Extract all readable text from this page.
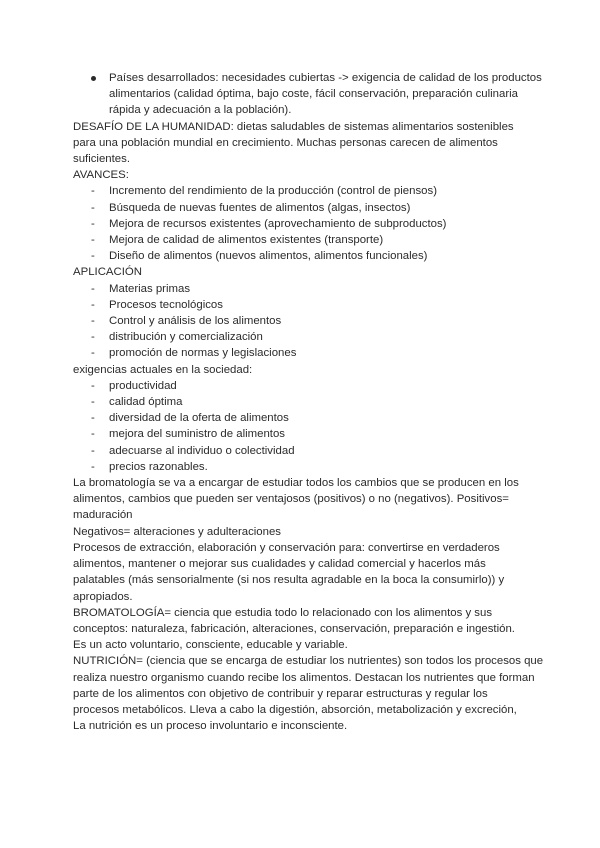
Países desarrollados: necesidades cubiertas -> exigencia de calidad de los productos
alimentarios (calidad óptima, bajo coste, fácil conservación, preparación culinaria
rápida y adecuación a la población).
DESAFÍO DE LA HUMANIDAD: dietas saludables de sistemas alimentarios sostenibles
para una población mundial en crecimiento. Muchas personas carecen de alimentos
suficientes.
AVANCES:
- Incremento del rendimiento de la producción (control de piensos)
- Búsqueda de nuevas fuentes de alimentos (algas, insectos)
- Mejora de recursos existentes (aprovechamiento de subproductos)
- Mejora de calidad de alimentos existentes (transporte)
- Diseño de alimentos (nuevos alimentos, alimentos funcionales)
APLICACIÓN
- Materias primas
- Procesos tecnológicos
- Control y análisis de los alimentos
- distribución y comercialización
- promoción de normas y legislaciones
exigencias actuales en la sociedad:
- productividad
- calidad óptima
- diversidad de la oferta de alimentos
- mejora del suministro de alimentos
- adecuarse al individuo o colectividad
- precios razonables.
La bromatología se va a encargar de estudiar todos los cambios que se producen en los
alimentos, cambios que pueden ser ventajosos (positivos) o no (negativos). Positivos=
maduración
Negativos= alteraciones y adulteraciones
Procesos de extracción, elaboración y conservación para: convertirse en verdaderos
alimentos, mantener o mejorar sus cualidades y calidad comercial y hacerlos más
palatables (más sensorialmente (si nos resulta agradable en la boca la consumirlo)) y
apropiados.
BROMATOLOGÍA= ciencia que estudia todo lo relacionado con los alimentos y sus
conceptos: naturaleza, fabricación, alteraciones, conservación, preparación e ingestión.
Es un acto voluntario, consciente, educable y variable.
NUTRICIÓN= (ciencia que se encarga de estudiar los nutrientes) son todos los procesos que
realiza nuestro organismo cuando recibe los alimentos. Destacan los nutrientes que forman
parte de los alimentos con objetivo de contribuir y reparar estructuras y regular los
procesos metabólicos. Lleva a cabo la digestión, absorción, metabolización y excreción,
La nutrición es un proceso involuntario e inconsciente.
